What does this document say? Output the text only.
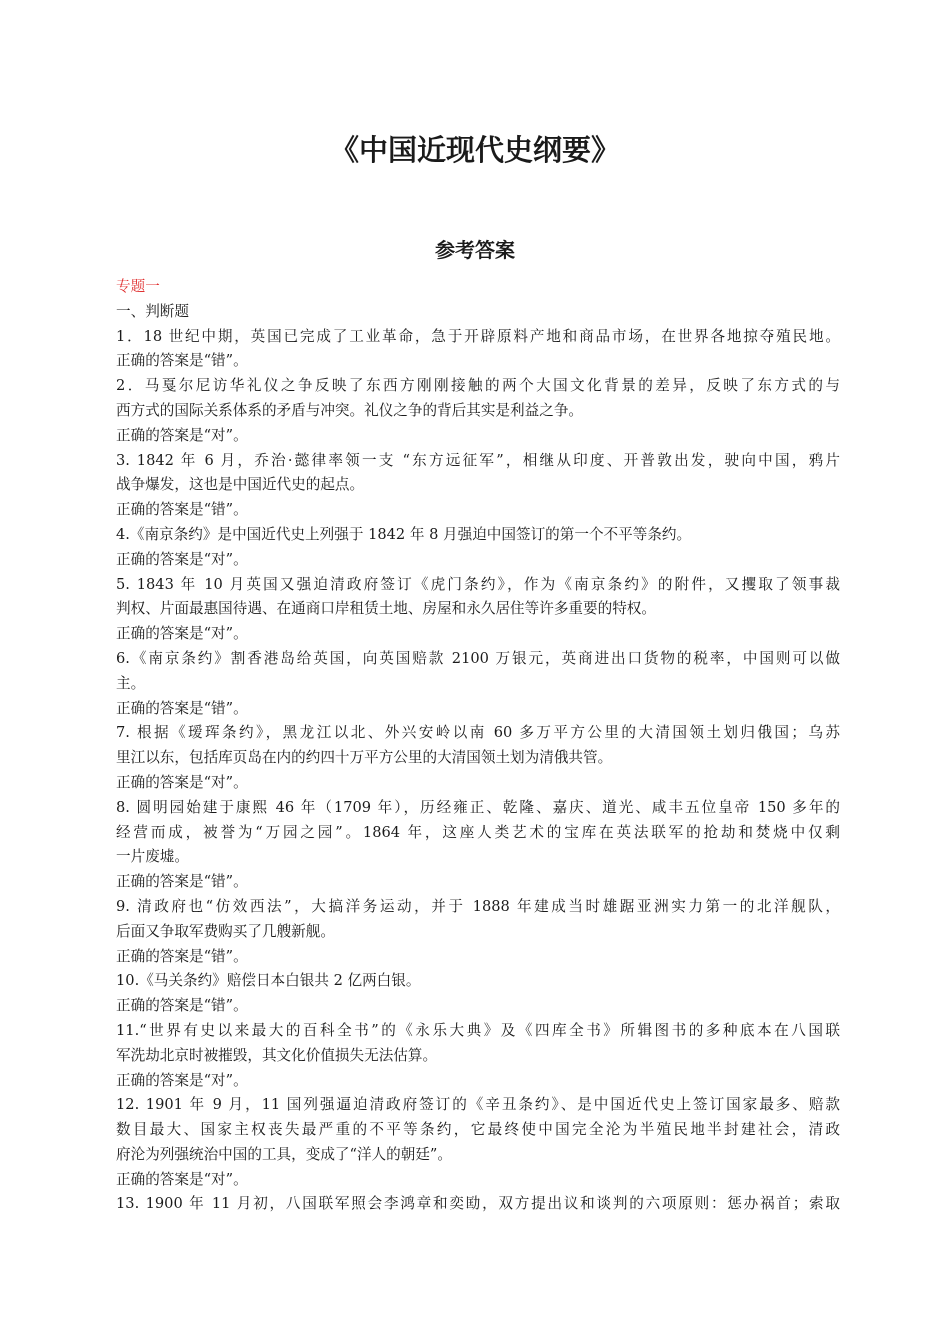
《中国近现代史纲要》
参考答案
专题一
一、判断题
1．18 世纪中期，英国已完成了工业革命，急于开辟原料产地和商品市场，在世界各地掠夺殖民地。
正确的答案是“错”。
2．马戛尔尼访华礼仪之争反映了东西方刚刚接触的两个大国文化背景的差异，反映了东方式的与
西方式的国际关系体系的矛盾与冲突。礼仪之争的背后其实是利益之争。
正确的答案是“对”。
3. 1842 年 6 月，乔治·懿律率领一支 “东方远征军”，相继从印度、开普敦出发，驶向中国，鸦片
战争爆发，这也是中国近代史的起点。
正确的答案是“错”。
4.《南京条约》是中国近代史上列强于 1842 年 8 月强迫中国签订的第一个不平等条约。
正确的答案是“对”。
5. 1843 年 10 月英国又强迫清政府签订《虎门条约》，作为《南京条约》的附件，又攫取了领事裁
判权、片面最惠国待遇、在通商口岸租赁土地、房屋和永久居住等许多重要的特权。
正确的答案是“对”。
6.《南京条约》割香港岛给英国，向英国赔款 2100 万银元，英商进出口货物的税率，中国则可以做
主。
正确的答案是“错”。
7. 根据《瑷珲条约》，黑龙江以北、外兴安岭以南 60 多万平方公里的大清国领土划归俄国；乌苏
里江以东，包括库页岛在内的约四十万平方公里的大清国领土划为清俄共管。
正确的答案是“对”。
8. 圆明园始建于康熙 46 年（1709 年），历经雍正、乾隆、嘉庆、道光、咸丰五位皇帝 150 多年的
经营而成，被誉为“万园之园”。1864 年，这座人类艺术的宝库在英法联军的抢劫和焚烧中仅剩
一片废墟。
正确的答案是“错”。
9. 清政府也“仿效西法”，大搞洋务运动，并于 1888 年建成当时雄踞亚洲实力第一的北洋舰队，
后面又争取军费购买了几艘新舰。
正确的答案是“错”。
10.《马关条约》赔偿日本白银共 2 亿两白银。
正确的答案是“错”。
11.“世界有史以来最大的百科全书”的《永乐大典》及《四库全书》所辑图书的多种底本在八国联
军洗劫北京时被摧毁，其文化价值损失无法估算。
正确的答案是“对”。
12. 1901 年 9 月，11 国列强逼迫清政府签订的《辛丑条约》、是中国近代史上签订国家最多、赔款
数目最大、国家主权丧失最严重的不平等条约，它最终使中国完全沦为半殖民地半封建社会，清政
府沦为列强统治中国的工具，变成了“洋人的朝廷”。
正确的答案是“对”。
13. 1900 年 11 月初，八国联军照会李鸿章和奕劻，双方提出议和谈判的六项原则：惩办祸首；索取
